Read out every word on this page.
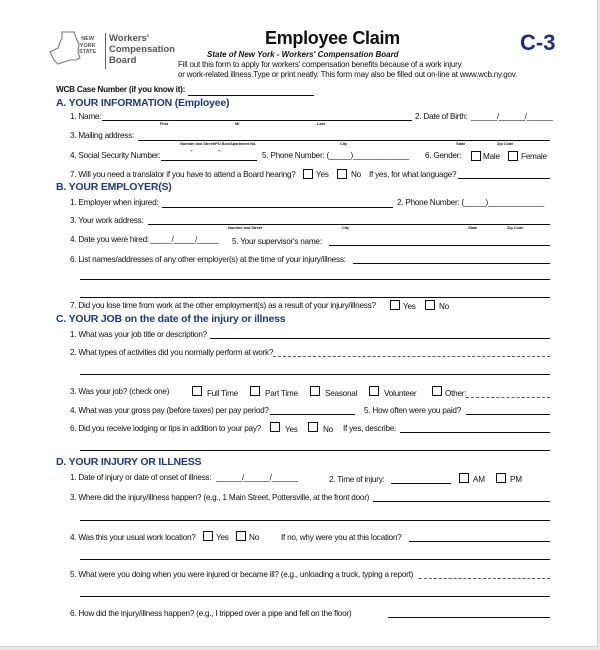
NEW
YORK
STATE
Workers'
Compensation
Board
Employee Claim	C-3
State of New York - Workers' Compensation Board
Fill out this form to apply for workers' compensation benefits because of a work injury
or work-related illness.Type or print neatly. This form may also be filled out on-line at www.wcb.ny.gov.
WCB Case Number (if you know it):
A. YOUR INFORMATION (Employee)
1. Name:
First	MI	Last
2. Date of Birth: ______/______/______
3. Mailing address:
Number and Street/PO Box/Apartment No.	City	State	Zip Code
4. Social Security Number:
-	-
5. Phone Number: (_____)_____________ 6. Gender:	Male	Female
7. Will you need a translator if you have to attend a Board hearing? Yes	No If yes, for what language?
B. YOUR EMPLOYER(S)
1. Employer when injured:	2. Phone Number: (_____)_____________
3. Your work address:
Number and Street	City	State	Zip Code
4. Date you were hired: _____/_____/_____ 5. Your supervisor's name:
6. List names/addresses of any other employer(s) at the time of your injury/illness:
7. Did you lose time from work at the other employment(s) as a result of your injury/illness?	Yes	No
C. YOUR JOB on the date of the injury or illness
1. What was your job title or description?
2. What types of activities did you normally perform at work?
3. Was your job? (check one)	Full Time	Part Time	Seasonal	Volunteer	Other:
4. What was your gross pay (before taxes) per pay period?	5. How often were you paid?
6. Did you receive lodging or tips in addition to your pay?	Yes	No If yes, describe:
D. YOUR INJURY OR ILLNESS
1. Date of injury or date of onset of illness: ______/______/______	2. Time of injury:	AM	PM
3. Where did the injury/illness happen? (e.g., 1 Main Street, Pottersville, at the front door)
4. Was this your usual work location? Yes No	If no, why were you at this location?
5. What were you doing when you were injured or became ill? (e.g., unloading a truck, typing a report)
6. How did the injury/illness happen? (e.g., I tripped over a pipe and fell on the floor)
